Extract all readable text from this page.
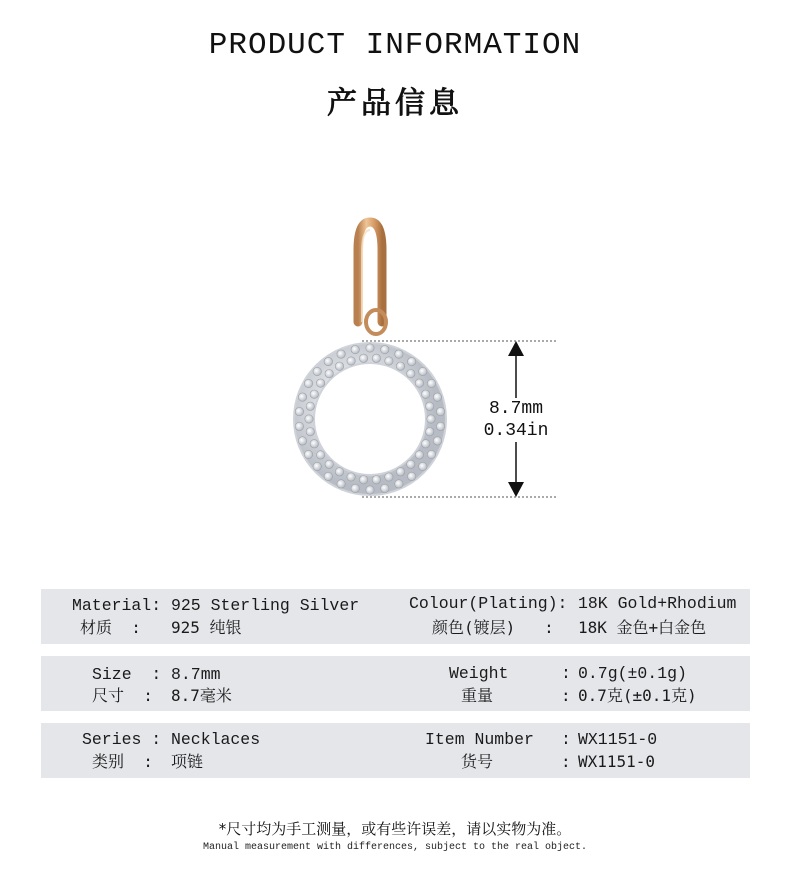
PRODUCT INFORMATION
产品信息
8.7mm
0.34in
Material: 925 Sterling Silver
材质  : 925 纯银
Colour(Plating): 18K Gold+Rhodium
颜色(镀层)   : 18K 金色+白金色
Size  : 8.7mm
尺寸  : 8.7毫米
Weight	: 0.7g(±0.1g)
重量	: 0.7克(±0.1克)
Series : Necklaces
类别  : 项链
Item Number : WX1151-0
货号	: WX1151-0
*尺寸均为手工测量，或有些许误差，请以实物为准。
Manual measurement with differences, subject to the real object.
